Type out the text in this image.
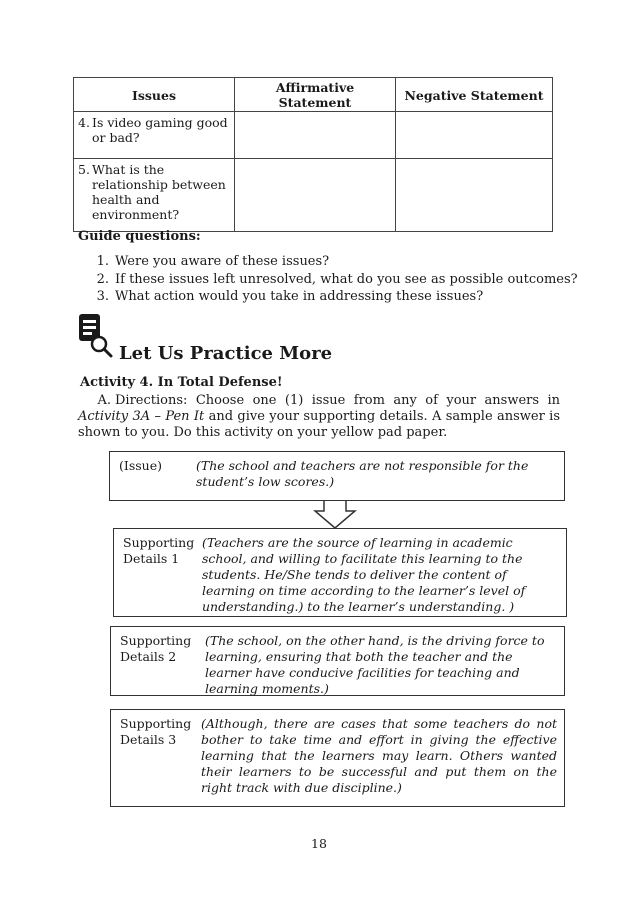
Issues	Affirmative Statement	Negative Statement

4. Is video gaming good or bad?		

5. What is the relationship between health and environment?		

Guide questions:
1. Were you aware of these issues?
2. If these issues left unresolved, what do you see as possible outcomes?
3. What action would you take in addressing these issues?
Let Us Practice More
Activity 4. In Total Defense!

A. Directions: Choose one (1) issue from any of your answers in Activity 3A – Pen It and give your supporting details. A sample answer is shown to you. Do this activity on your yellow pad paper.

(Issue)	(The school and teachers are not responsible for the student’s low scores.)
Supporting
Details 1
(Teachers are the source of learning in academic school, and willing to facilitate this learning to the students. He/She tends to deliver the content of learning on time according to the learner’s level of understanding.) to the learner’s understanding. )
Supporting
Details 2
(The school, on the other hand, is the driving force to learning, ensuring that both the teacher and the learner have conducive facilities for teaching and learning moments.)
Supporting
Details 3
(Although, there are cases that some teachers do not bother to take time and effort in giving the effective learning that the learners may learn. Others wanted their learners to be successful and put them on the right track with due discipline.)
18
